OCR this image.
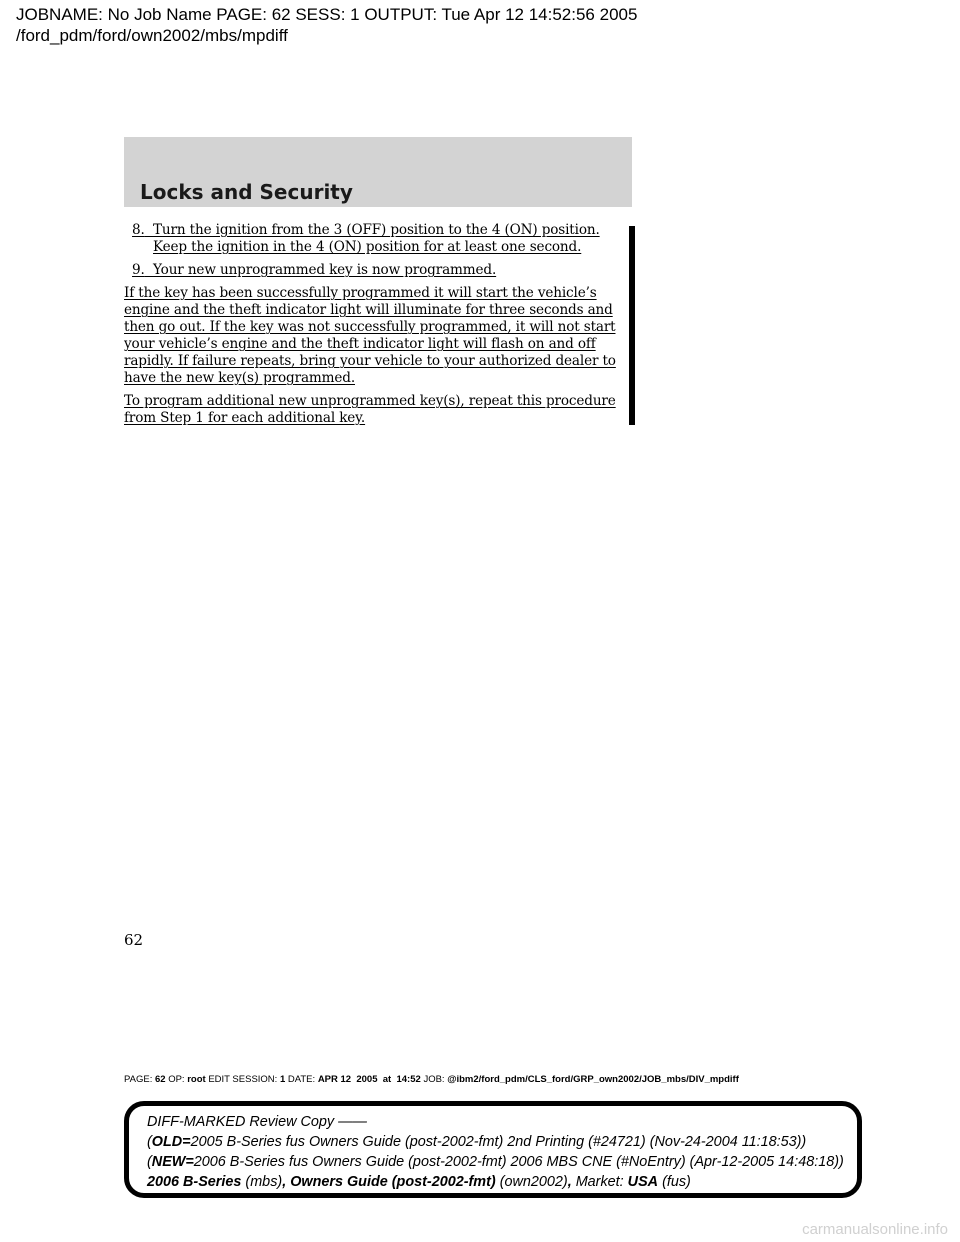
JOBNAME: No Job Name PAGE: 62 SESS: 1 OUTPUT: Tue Apr 12 14:52:56 2005
/ford_pdm/ford/own2002/mbs/mpdiff
Locks and Security

8. Turn the ignition from the 3 (OFF) position to the 4 (ON) position. Keep the ignition in the 4 (ON) position for at least one second.

9. Your new unprogrammed key is now programmed.

If the key has been successfully programmed it will start the vehicle’s engine and the theft indicator light will illuminate for three seconds and then go out. If the key was not successfully programmed, it will not start your vehicle’s engine and the theft indicator light will flash on and off rapidly. If failure repeats, bring your vehicle to your authorized dealer to have the new key(s) programmed.

To program additional new unprogrammed key(s), repeat this procedure from Step 1 for each additional key.

62
PAGE: 62 OP: root EDIT SESSION: 1 DATE: APR 12  2005  at  14:52 JOB: @ibm2/ford_pdm/CLS_ford/GRP_own2002/JOB_mbs/DIV_mpdiff
DIFF-MARKED Review Copy ——
(OLD=2005 B-Series fus Owners Guide (post-2002-fmt) 2nd Printing (#24721) (Nov-24-2004 11:18:53))
(NEW=2006 B-Series fus Owners Guide (post-2002-fmt) 2006 MBS CNE (#NoEntry) (Apr-12-2005 14:48:18))
2006 B-Series (mbs), Owners Guide (post-2002-fmt) (own2002), Market: USA (fus)
carmanualsonline.info
